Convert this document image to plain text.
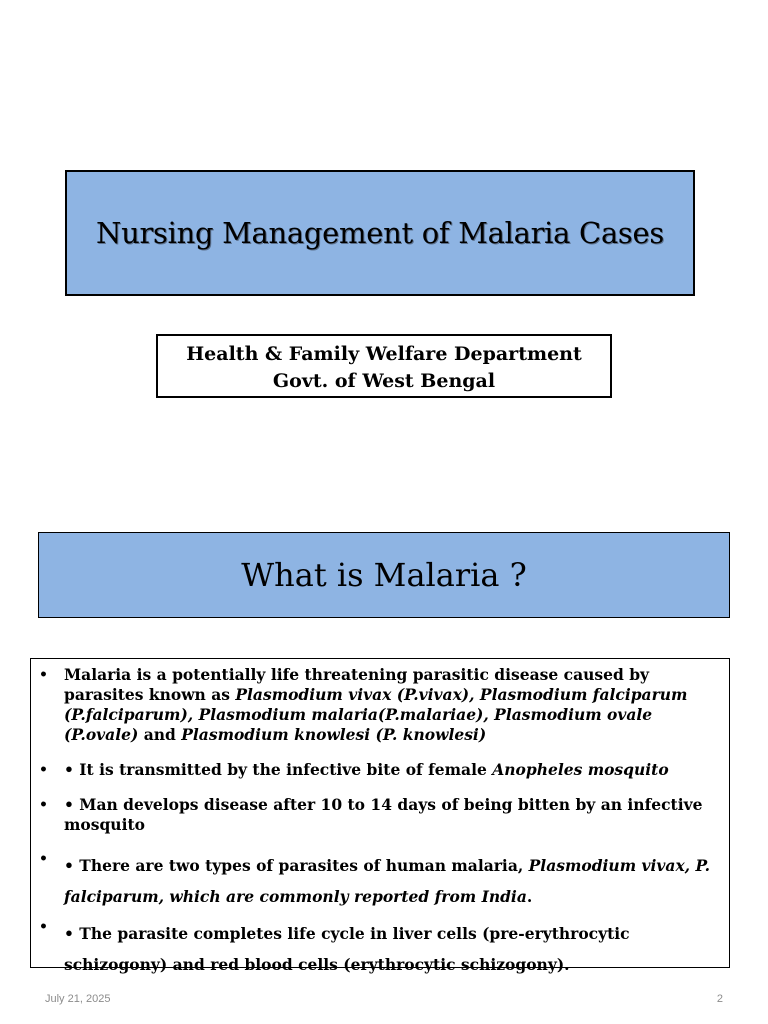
Nursing Management of Malaria Cases
Health & Family Welfare Department
Govt. of West Bengal
What is Malaria ?
• Malaria is a potentially life threatening parasitic disease caused by parasites known as Plasmodium vivax (P.vivax), Plasmodium falciparum (P.falciparum), Plasmodium malaria(P.malariae), Plasmodium ovale (P.ovale) and Plasmodium knowlesi (P. knowlesi)
• • It is transmitted by the infective bite of female Anopheles mosquito
• • Man develops disease after 10 to 14 days of being bitten by an infective mosquito
• • There are two types of parasites of human malaria, Plasmodium vivax, P. falciparum, which are commonly reported from India.
• • The parasite completes life cycle in liver cells (pre-erythrocytic schizogony) and red blood cells (erythrocytic schizogony).
July 21, 2025	2
